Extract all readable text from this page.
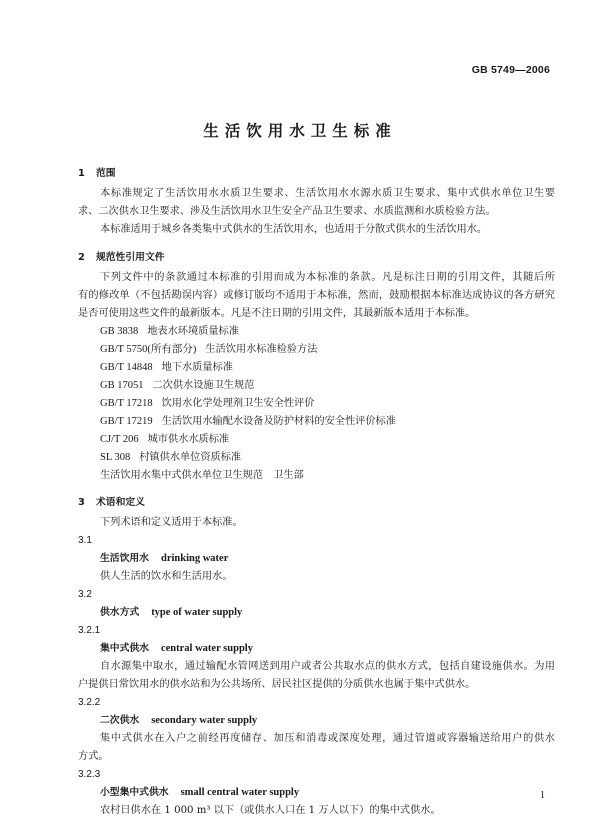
GB 5749—2006
生活饮用水卫生标准
1 范围
本标准规定了生活饮用水水质卫生要求、生活饮用水水源水质卫生要求、集中式供水单位卫生要
求、二次供水卫生要求、涉及生活饮用水卫生安全产品卫生要求、水质监测和水质检验方法。
本标准适用于城乡各类集中式供水的生活饮用水，也适用于分散式供水的生活饮用水。
2 规范性引用文件
下列文件中的条款通过本标准的引用而成为本标准的条款。凡是标注日期的引用文件，其随后所
有的修改单（不包括勘误内容）或修订版均不适用于本标准，然而，鼓励根据本标准达成协议的各方研究
是否可使用这些文件的最新版本。凡是不注日期的引用文件，其最新版本适用于本标准。
GB 3838 地表水环境质量标准
GB/T 5750(所有部分) 生活饮用水标准检验方法
GB/T 14848 地下水质量标准
GB 17051 二次供水设施卫生规范
GB/T 17218 饮用水化学处理剂卫生安全性评价
GB/T 17219 生活饮用水输配水设备及防护材料的安全性评价标准
CJ/T 206 城市供水水质标准
SL 308 村镇供水单位资质标准
生活饮用水集中式供水单位卫生规范　卫生部
3 术语和定义
下列术语和定义适用于本标准。
3.1
生活饮用水 drinking water
供人生活的饮水和生活用水。
3.2
供水方式 type of water supply
3.2.1
集中式供水 central water supply
自水源集中取水，通过输配水管网送到用户或者公共取水点的供水方式，包括自建设施供水。为用
户提供日常饮用水的供水站和为公共场所、居民社区提供的分质供水也属于集中式供水。
3.2.2
二次供水 secondary water supply
集中式供水在入户之前经再度储存、加压和消毒或深度处理，通过管道或容器输送给用户的供水
方式。
3.2.3
小型集中式供水 small central water supply
农村日供水在 1 000 m³ 以下（或供水人口在 1 万人以下）的集中式供水。
1
